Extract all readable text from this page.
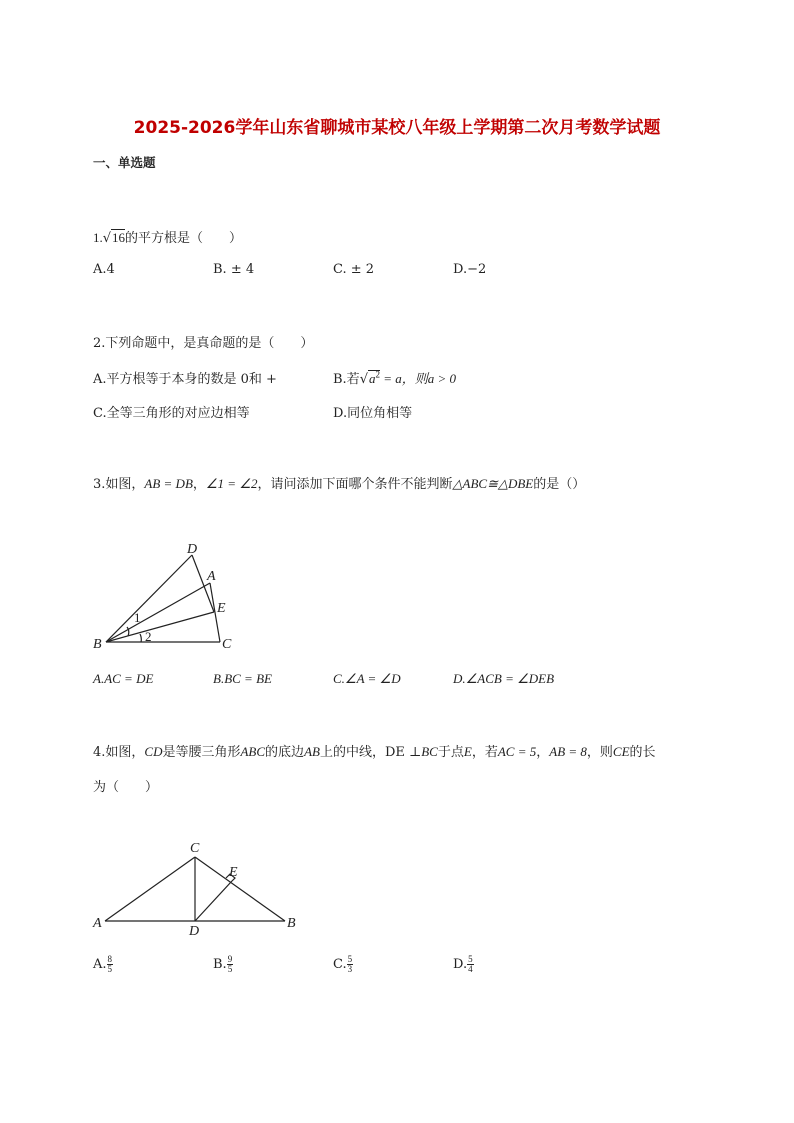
2025-2026学年山东省聊城市某校八年级上学期第二次月考数学试题
一、单选题
1.√16的平方根是（　　）
A.4	B. ± 4	C. ± 2	D.−2
2.下列命题中，是真命题的是（　　）
A.平方根等于本身的数是 0和 +	B.若$√a^2 = a$，则a > 0
C.全等三角形的对应边相等	D.同位角相等
3.如图，AB = DB，∠1 = ∠2，请问添加下面哪个条件不能判断△ABC≅△DBE的是（）
D
A
E
B	C
1
2
A.AC = DE	B.BC = BE	C.∠A = ∠D	D.∠ACB = ∠DEB
4.如图，CD是等腰三角形ABC的底边AB上的中线，DE ⊥BC于点E，若AC = 5，AB = 8，则CE的长
为（　　）
C
E
A
D
B
A. $\frac{8}{5}$	B. $\frac{9}{5}$	C. $\frac{5}{3}$	D. $\frac{5}{4}$
